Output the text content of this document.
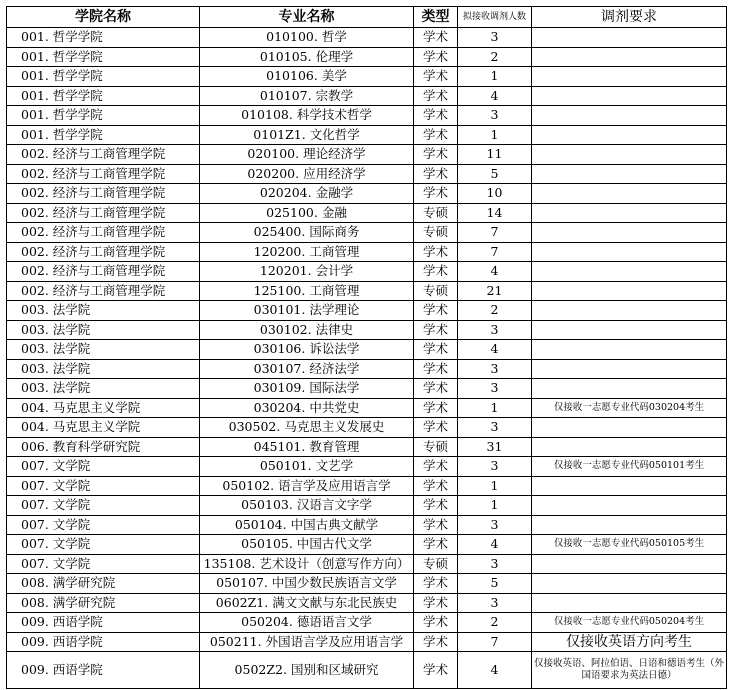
学院名称	专业名称	类型	拟接收调剂人数	调剂要求
001. 哲学学院	010100. 哲学	学术	3	
001. 哲学学院	010105. 伦理学	学术	2	
001. 哲学学院	010106. 美学	学术	1	
001. 哲学学院	010107. 宗教学	学术	4	
001. 哲学学院	010108. 科学技术哲学	学术	3	
001. 哲学学院	0101Z1. 文化哲学	学术	1	
002. 经济与工商管理学院	020100. 理论经济学	学术	11	
002. 经济与工商管理学院	020200. 应用经济学	学术	5	
002. 经济与工商管理学院	020204. 金融学	学术	10	
002. 经济与工商管理学院	025100. 金融	专硕	14	
002. 经济与工商管理学院	025400. 国际商务	专硕	7	
002. 经济与工商管理学院	120200. 工商管理	学术	7	
002. 经济与工商管理学院	120201. 会计学	学术	4	
002. 经济与工商管理学院	125100. 工商管理	专硕	21	
003. 法学院	030101. 法学理论	学术	2	
003. 法学院	030102. 法律史	学术	3	
003. 法学院	030106. 诉讼法学	学术	4	
003. 法学院	030107. 经济法学	学术	3	
003. 法学院	030109. 国际法学	学术	3	
004. 马克思主义学院	030204. 中共党史	学术	1	仅接收一志愿专业代码030204考生
004. 马克思主义学院	030502. 马克思主义发展史	学术	3	
006. 教育科学研究院	045101. 教育管理	专硕	31	
007. 文学院	050101. 文艺学	学术	3	仅接收一志愿专业代码050101考生
007. 文学院	050102. 语言学及应用语言学	学术	1	
007. 文学院	050103. 汉语言文字学	学术	1	
007. 文学院	050104. 中国古典文献学	学术	3	
007. 文学院	050105. 中国古代文学	学术	4	仅接收一志愿专业代码050105考生
007. 文学院	135108. 艺术设计（创意写作方向）	专硕	3	
008. 满学研究院	050107. 中国少数民族语言文学	学术	5	
008. 满学研究院	0602Z1. 满文文献与东北民族史	学术	3	
009. 西语学院	050204. 德语语言文学	学术	2	仅接收一志愿专业代码050204考生
009. 西语学院	050211. 外国语言学及应用语言学	学术	7	仅接收英语方向考生
009. 西语学院	0502Z2. 国别和区域研究	学术	4	仅接收英语、阿拉伯语、日语和德语考生（外国语要求为英法日德）
